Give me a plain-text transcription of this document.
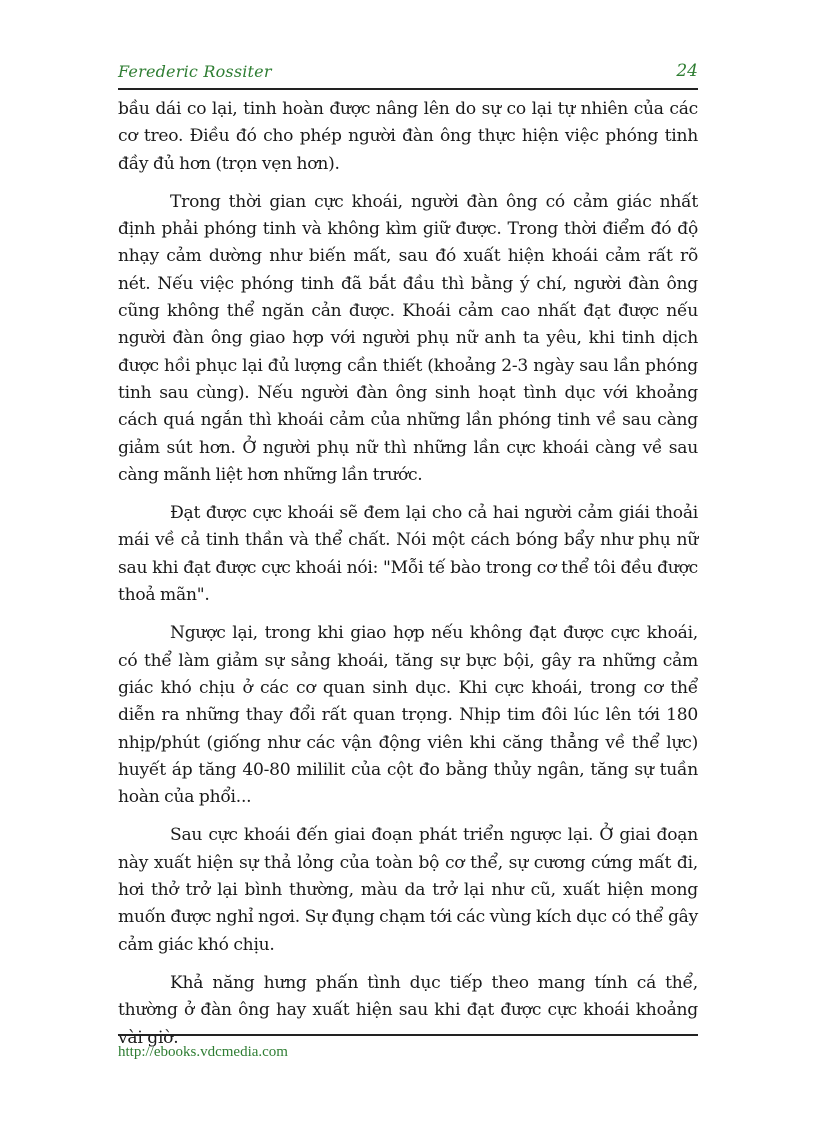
Ferederic Rossiter	24

bầu dái co lại, tinh hoàn được nâng lên do sự co lại tự nhiên của các cơ treo. Điều đó cho phép người đàn ông thực hiện việc phóng tinh đầy đủ hơn (trọn vẹn hơn).

Trong thời gian cực khoái, người đàn ông có cảm giác nhất định phải phóng tinh và không kìm giữ được. Trong thời điểm đó độ nhạy cảm dường như biến mất, sau đó xuất hiện khoái cảm rất rõ nét. Nếu việc phóng tinh đã bắt đầu thì bằng ý chí, người đàn ông cũng không thể ngăn cản được. Khoái cảm cao nhất đạt được nếu người đàn ông giao hợp với người phụ nữ anh ta yêu, khi tinh dịch được hồi phục lại đủ lượng cần thiết (khoảng 2-3 ngày sau lần phóng tinh sau cùng). Nếu người đàn ông sinh hoạt tình dục với khoảng cách quá ngắn thì khoái cảm của những lần phóng tinh về sau càng giảm sút hơn. Ở người phụ nữ thì những lần cực khoái càng về sau càng mãnh liệt hơn những lần trước.

Đạt được cực khoái sẽ đem lại cho cả hai người cảm giái thoải mái về cả tinh thần và thể chất. Nói một cách bóng bẩy như phụ nữ sau khi đạt được cực khoái nói: "Mỗi tế bào trong cơ thể tôi đều được thoả mãn".

Ngược lại, trong khi giao hợp nếu không đạt được cực khoái, có thể làm giảm sự sảng khoái, tăng sự bực bội, gây ra những cảm giác khó chịu ở các cơ quan sinh dục. Khi cực khoái, trong cơ thể diễn ra những thay đổi rất quan trọng. Nhịp tim đôi lúc lên tới 180 nhịp/phút (giống như các vận động viên khi căng thẳng về thể lực) huyết áp tăng 40-80 mililit của cột đo bằng thủy ngân, tăng sự tuần hoàn của phổi...

Sau cực khoái đến giai đoạn phát triển ngược lại. Ở giai đoạn này xuất hiện sự thả lỏng của toàn bộ cơ thể, sự cương cứng mất đi, hơi thở trở lại bình thường, màu da trở lại như cũ, xuất hiện mong muốn được nghỉ ngơi. Sự đụng chạm tới các vùng kích dục có thể gây cảm giác khó chịu.

Khả năng hưng phấn tình dục tiếp theo mang tính cá thể, thường ở đàn ông hay xuất hiện sau khi đạt được cực khoái khoảng vài giờ.

http://ebooks.vdcmedia.com
